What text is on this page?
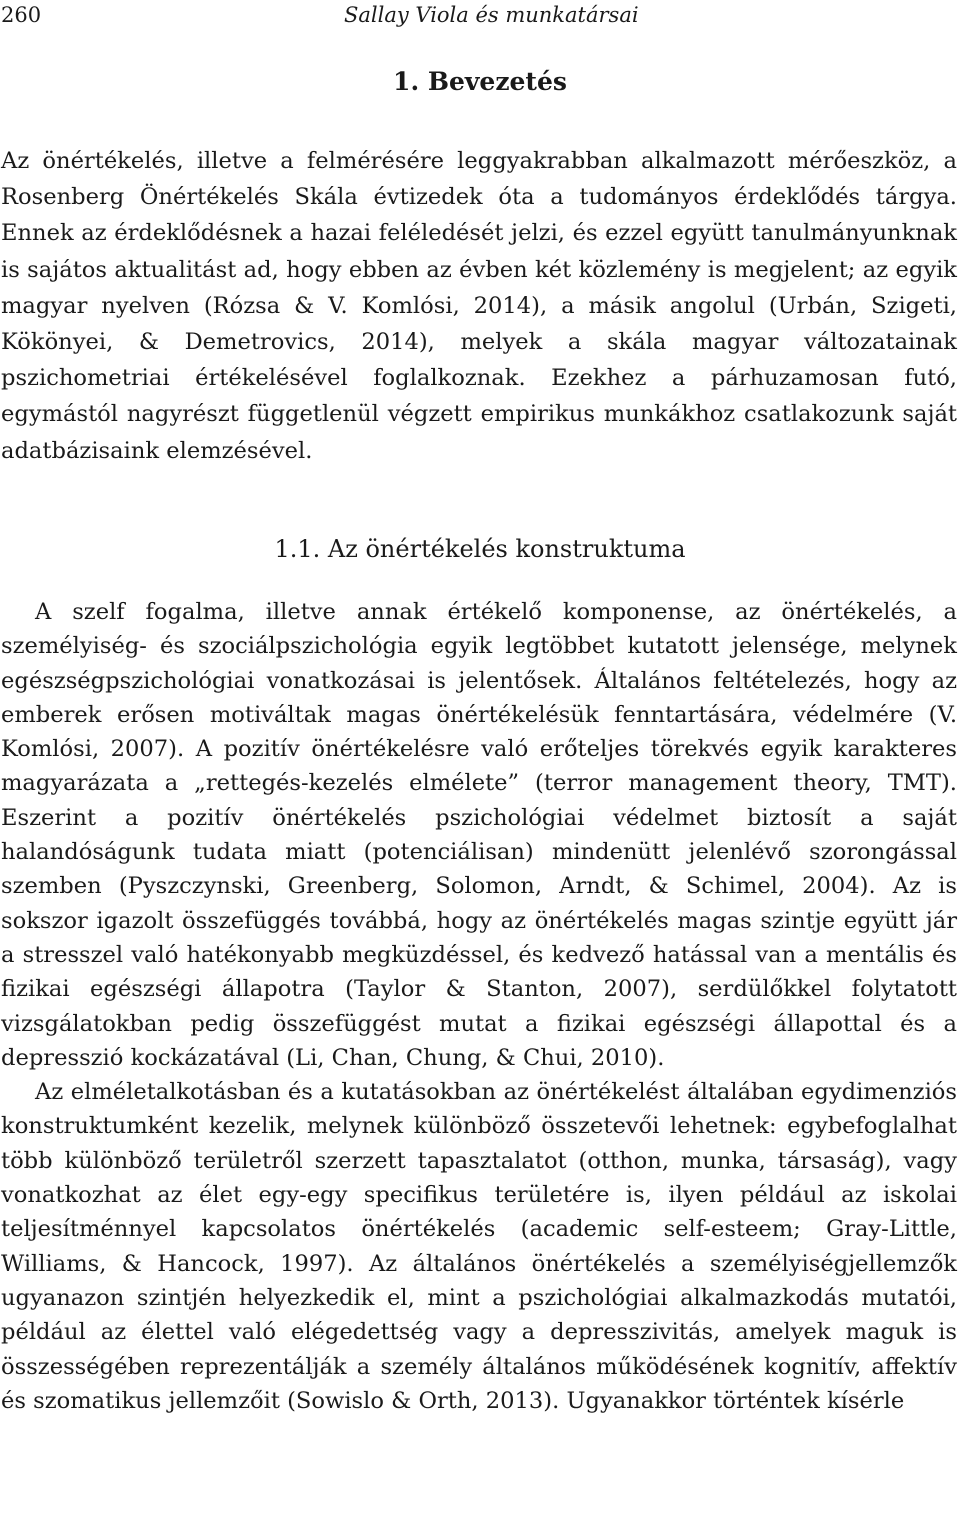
260	Sallay Viola és munkatársai
1. Bevezetés

Az önértékelés, illetve a felmérésére leggyakrabban alkalmazott mérőeszköz, a Rosenberg Önértékelés Skála évtizedek óta a tudományos érdeklődés tárgya. Ennek az érdeklődésnek a hazai feléledését jelzi, és ezzel együtt tanulmányunknak is sajátos aktualitást ad, hogy ebben az évben két közlemény is megjelent; az egyik magyar nyelven (Rózsa & V. Komlósi, 2014), a másik angolul (Urbán, Szigeti, Kökönyei, & Demetrovics, 2014), melyek a skála magyar változatainak pszichometriai értékelésével foglalkoznak. Ezekhez a párhuzamosan futó, egymástól nagyrészt függetlenül végzett empirikus munkákhoz csatlakozunk saját adatbázisaink elemzésével.

1.1. Az önértékelés konstruktuma

A szelf fogalma, illetve annak értékelő komponense, az önértékelés, a személyiség- és szociálpszichológia egyik legtöbbet kutatott jelensége, melynek egészségpszichológiai vonatkozásai is jelentősek. Általános feltételezés, hogy az emberek erősen motiváltak magas önértékelésük fenntartására, védelmére (V. Komlósi, 2007). A pozitív önértékelésre való erőteljes törekvés egyik karakteres magyarázata a „rettegés-kezelés elmélete” (terror management theory, TMT). Eszerint a pozitív önértékelés pszichológiai védelmet biztosít a saját halandóságunk tudata miatt (potenciálisan) mindenütt jelenlévő szorongással szemben (Pyszczynski, Greenberg, Solomon, Arndt, & Schimel, 2004). Az is sokszor igazolt összefüggés továbbá, hogy az önértékelés magas szintje együtt jár a stresszel való hatékonyabb megküzdéssel, és kedvező hatással van a mentális és fizikai egészségi állapotra (Taylor & Stanton, 2007), serdülőkkel folytatott vizsgálatokban pedig összefüggést mutat a fizikai egészségi állapottal és a depresszió kockázatával (Li, Chan, Chung, & Chui, 2010).

Az elméletalkotásban és a kutatásokban az önértékelést általában egydimenziós konstruktumként kezelik, melynek különböző összetevői lehetnek: egybefoglalhat több különböző területről szerzett tapasztalatot (otthon, munka, társaság), vagy vonatkozhat az élet egy-egy specifikus területére is, ilyen például az iskolai teljesítménnyel kapcsolatos önértékelés (academic self-esteem; Gray-Little, Williams, & Hancock, 1997). Az általános önértékelés a személyiségjellemzők ugyanazon szintjén helyezkedik el, mint a pszichológiai alkalmazkodás mutatói, például az élettel való elégedettség vagy a depresszivitás, amelyek maguk is összességében reprezentálják a személy általános működésének kognitív, affektív és szomatikus jellemzőit (Sowislo & Orth, 2013). Ugyanakkor történtek kísérle
